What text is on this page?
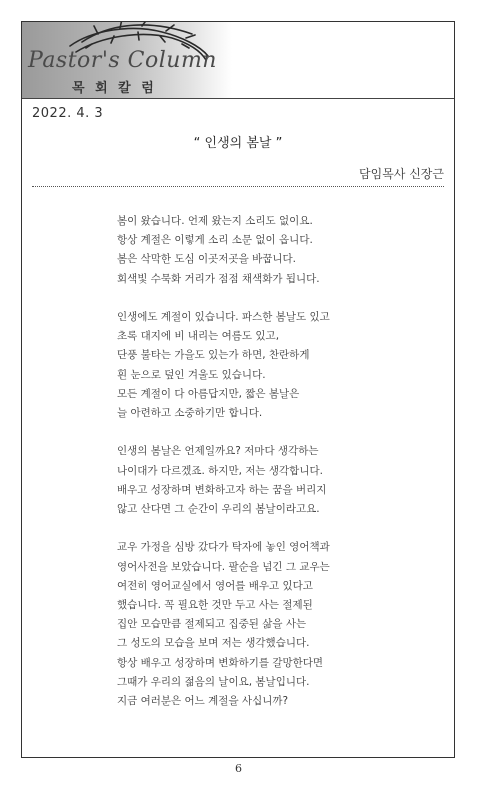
Pastor's Column
목 회 칼 럼
2022. 4. 3
“ 인생의 봄날 ”
담임목사 신장근
봄이 왔습니다. 언제 왔는지 소리도 없이요.
항상 계절은 이렇게 소리 소문 없이 옵니다.
봄은 삭막한 도심 이곳저곳을 바꿉니다.
회색빛 수묵화 거리가 점점 채색화가 됩니다.
인생에도 계절이 있습니다. 파스한 봄날도 있고
초록 대지에 비 내리는 여름도 있고,
단풍 불타는 가을도 있는가 하면, 찬란하게
흰 눈으로 덮인 겨울도 있습니다.
모든 계절이 다 아름답지만, 짧은 봄날은
늘 아련하고 소중하기만 합니다.
인생의 봄날은 언제일까요? 저마다 생각하는
나이대가 다르겠죠. 하지만, 저는 생각합니다.
배우고 성장하며 변화하고자 하는 꿈을 버리지
않고 산다면 그 순간이 우리의 봄날이라고요.
교우 가정을 심방 갔다가 탁자에 놓인 영어책과
영어사전을 보았습니다. 팔순을 넘긴 그 교우는
여전히 영어교실에서 영어를 배우고 있다고
했습니다. 꼭 필요한 것만 두고 사는 절제된
집안 모습만큼 절제되고 집중된 삶을 사는
그 성도의 모습을 보며 저는 생각했습니다.
항상 배우고 성장하며 변화하기를 갈망한다면
그때가 우리의 젊음의 날이요, 봄날입니다.
지금 여러분은 어느 계절을 사십니까?
6
